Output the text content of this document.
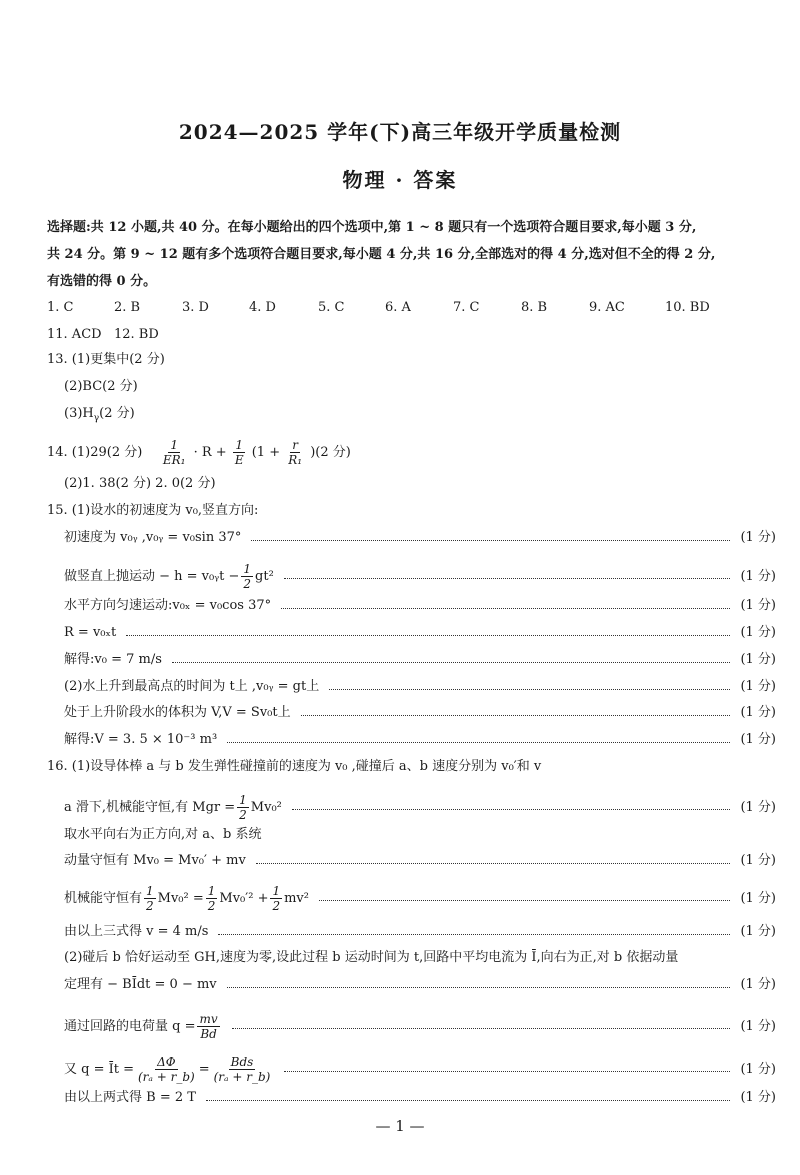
2024—2025 学年(下)高三年级开学质量检测
物理 · 答案
选择题:共 12 小题,共 40 分。在每小题给出的四个选项中,第 1 ~ 8 题只有一个选项符合题目要求,每小题 3 分,
共 24 分。第 9 ~ 12 题有多个选项符合题目要求,每小题 4 分,共 16 分,全部选对的得 4 分,选对但不全的得 2 分,
有选错的得 0 分。
1. C	2. B	3. D	4. D	5. C	6. A	7. C	8. B	9. AC	10. BD
11. ACD 12. BD
13. (1)更集中(2 分)
(2)BC(2 分)
$(3)H_\gamma(2$ 分)
14. (1)29(2 分) $\frac{1}{\text{ER₁}} \cdot R + \frac{1}{E} (1 + \frac{r}{\text{R₁}} )(2$ 分)
(2)1. 38(2 分) 2. 0(2 分)
15. (1)设水的初速度为 v₀,竖直方向:
初速度为 v₀ᵧ ,v₀ᵧ = v₀sin 37°	(1 分)
做竖直上抛运动 − h = v₀ᵧt − $\frac{1}{2} gt^2$	(1 分)
水平方向匀速运动:v₀ₓ = v₀cos 37°	(1 分)
R = v₀ₓt	(1 分)
解得:v₀ = 7 m/s	(1 分)
(2)水上升到最高点的时间为 t上 ,v₀ᵧ = gt上	(1 分)
处于上升阶段水的体积为 V,V = Sv₀t上	(1 分)
解得:V = 3. 5 × 10⁻³ m³	(1 分)
16. (1)设导体棒 a 与 b 发生弹性碰撞前的速度为 v₀ ,碰撞后 a、b 速度分别为 v₀′和 v
a 滑下,机械能守恒,有 Mgr = $\frac{1}{2} Mv_0^2$	(1 分)
取水平向右为正方向,对 a、b 系统
动量守恒有 Mv₀ = Mv₀′ + mv	(1 分)
机械能守恒有 $\frac{1}{2} Mv_0^2 = \frac{1}{2} Mv_0'^2 + \frac{1}{2} mv^2$	(1 分)
由以上三式得 v = 4 m/s	(1 分)
(2)碰后 b 恰好运动至 GH,速度为零,设此过程 b 运动时间为 t,回路中平均电流为 Ī,向右为正,对 b 依据动量
定理有 − BĪdt = 0 − mv	(1 分)
通过回路的电荷量 $q = \frac{mv}{Bd}$	(1 分)
又 q = Īt = $\frac{\Delta\Phi}{\text{(rₐ + r\_b)}} = \frac{\text{Bds}}{\text{(rₐ + r\_b)}}$	(1 分)
由以上两式得 B = 2 T	(1 分)
— 1 —
